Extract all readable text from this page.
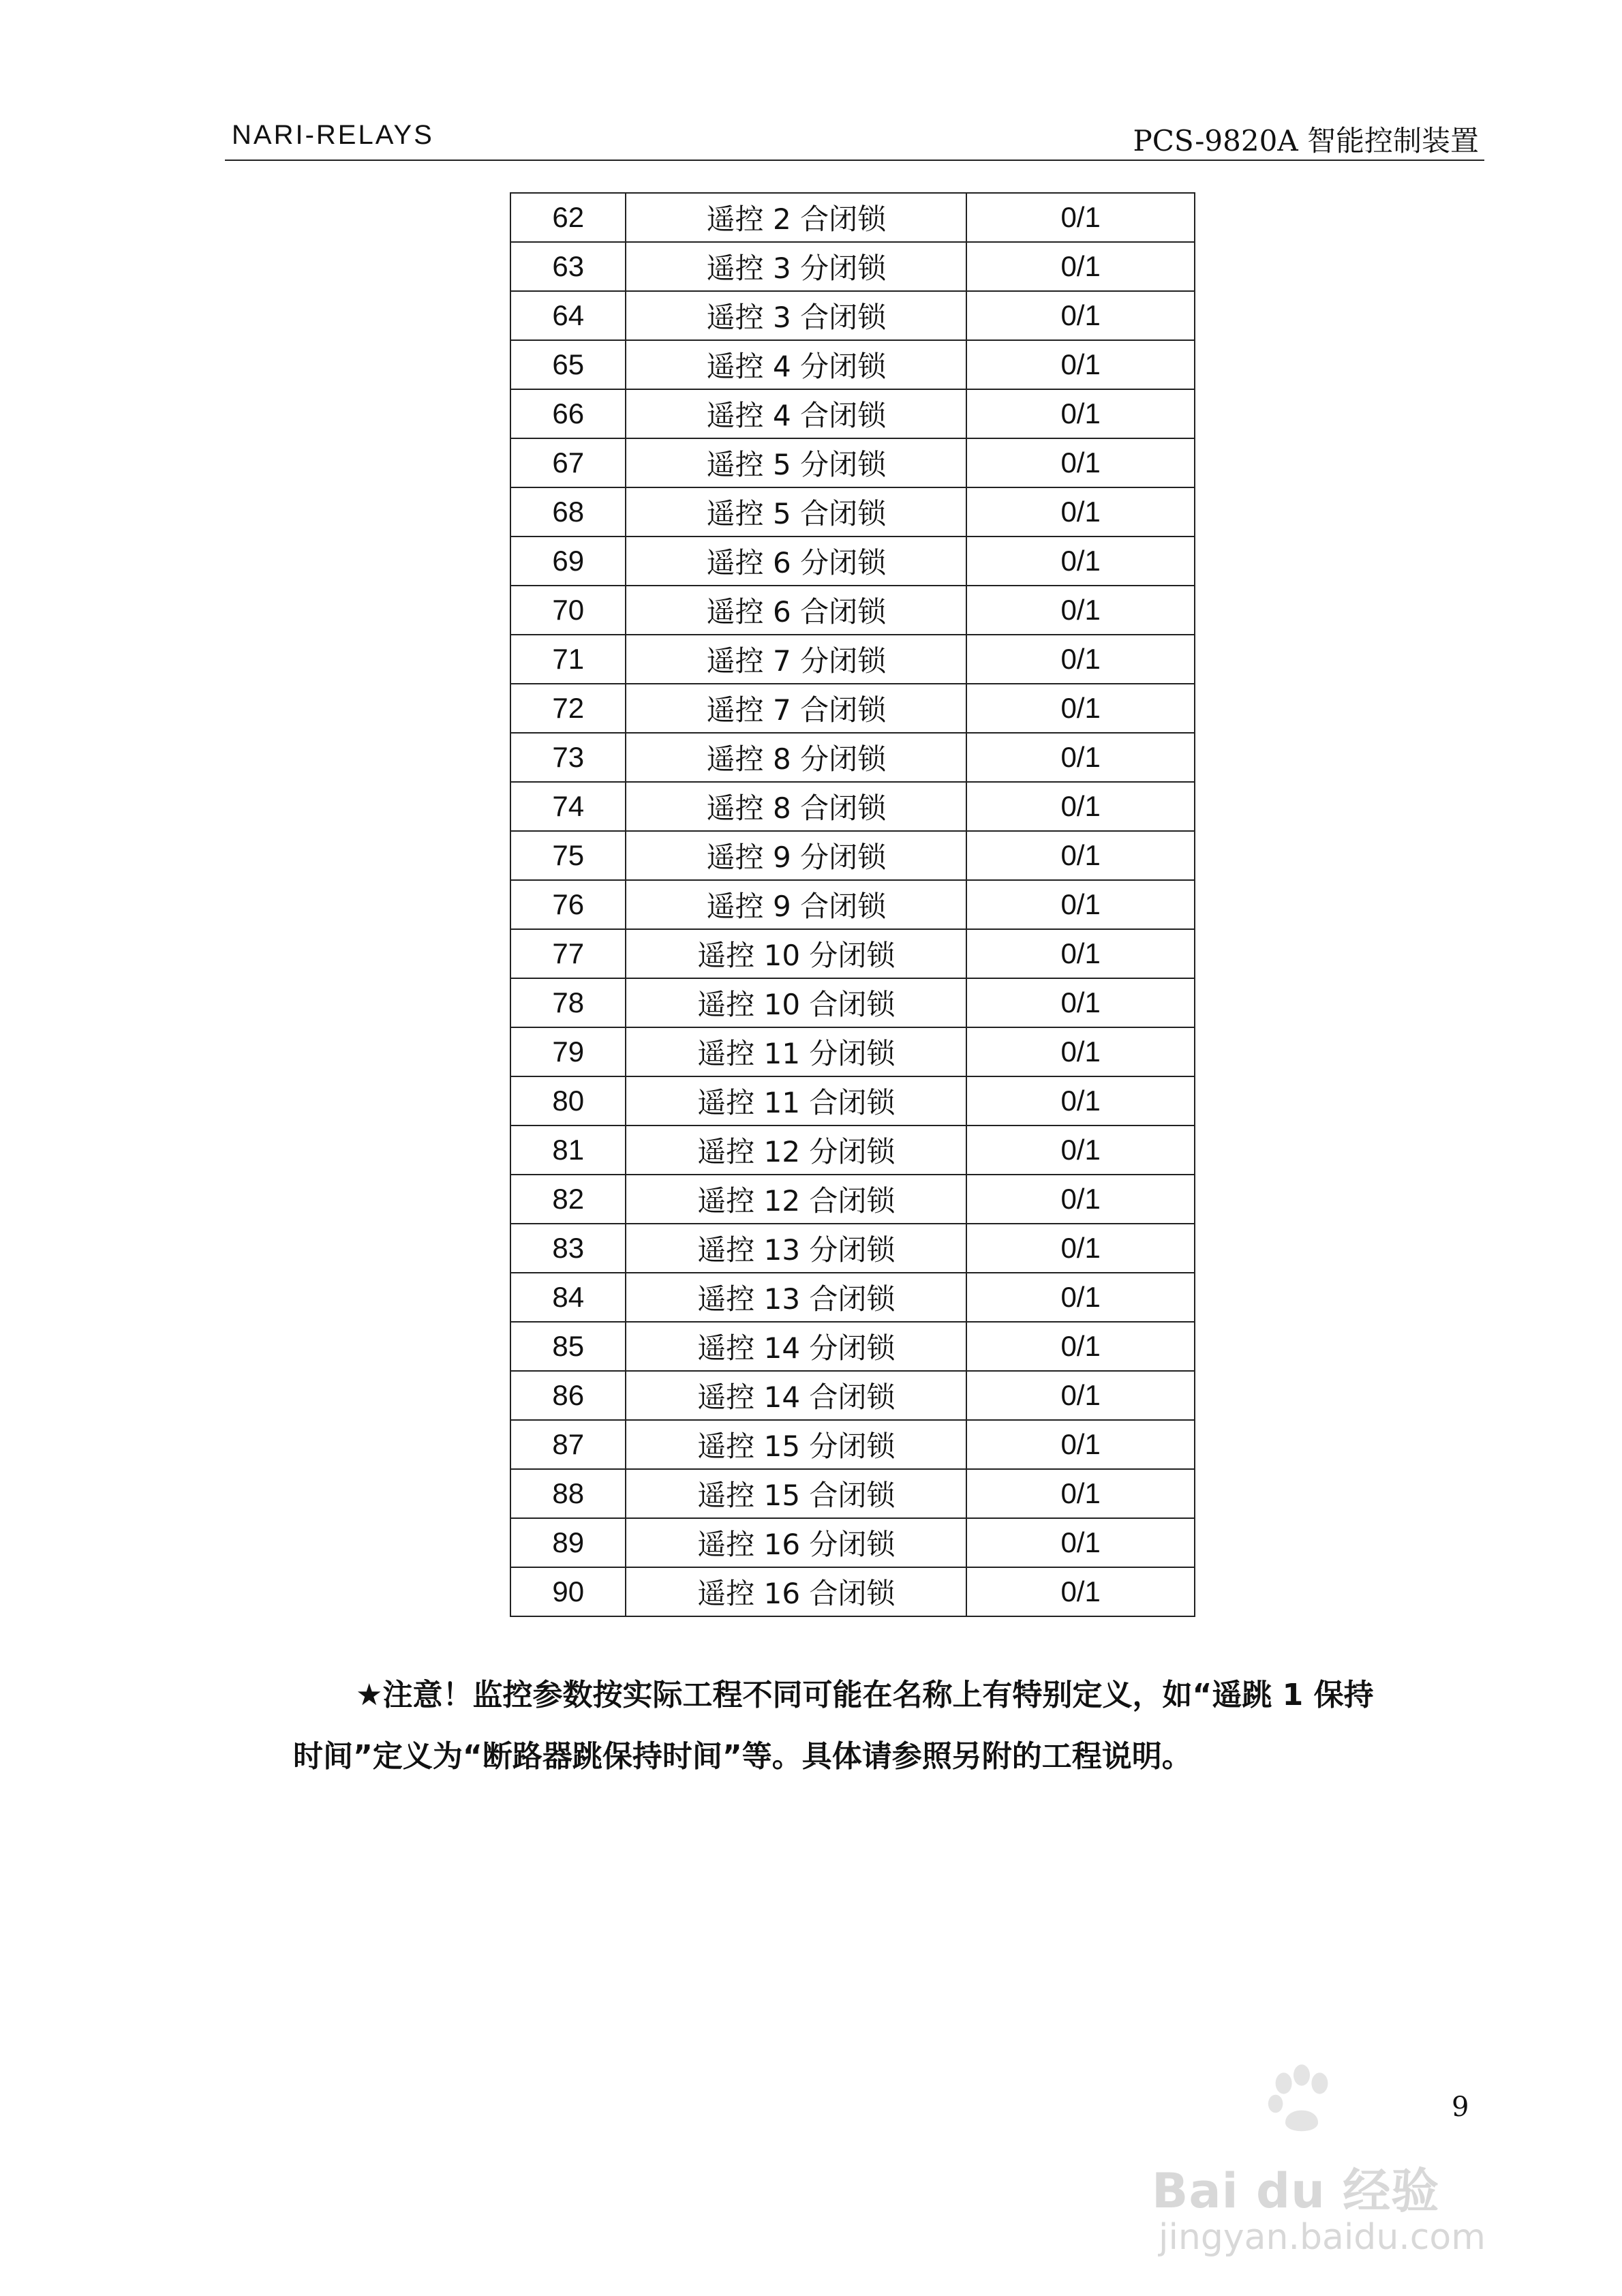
NARI-RELAYS	PCS-9820A 智能控制装置
62	遥控 2 合闭锁	0/1
63	遥控 3 分闭锁	0/1
64	遥控 3 合闭锁	0/1
65	遥控 4 分闭锁	0/1
66	遥控 4 合闭锁	0/1
67	遥控 5 分闭锁	0/1
68	遥控 5 合闭锁	0/1
69	遥控 6 分闭锁	0/1
70	遥控 6 合闭锁	0/1
71	遥控 7 分闭锁	0/1
72	遥控 7 合闭锁	0/1
73	遥控 8 分闭锁	0/1
74	遥控 8 合闭锁	0/1
75	遥控 9 分闭锁	0/1
76	遥控 9 合闭锁	0/1
77	遥控 10 分闭锁	0/1
78	遥控 10 合闭锁	0/1
79	遥控 11 分闭锁	0/1
80	遥控 11 合闭锁	0/1
81	遥控 12 分闭锁	0/1
82	遥控 12 合闭锁	0/1
83	遥控 13 分闭锁	0/1
84	遥控 13 合闭锁	0/1
85	遥控 14 分闭锁	0/1
86	遥控 14 合闭锁	0/1
87	遥控 15 分闭锁	0/1
88	遥控 15 合闭锁	0/1
89	遥控 16 分闭锁	0/1
90	遥控 16 合闭锁	0/1
★注意！监控参数按实际工程不同可能在名称上有特别定义，如“遥跳 1 保持
时间”定义为“断路器跳保持时间”等。具体请参照另附的工程说明。
9
Bai du 经验
jingyan.baidu.com
